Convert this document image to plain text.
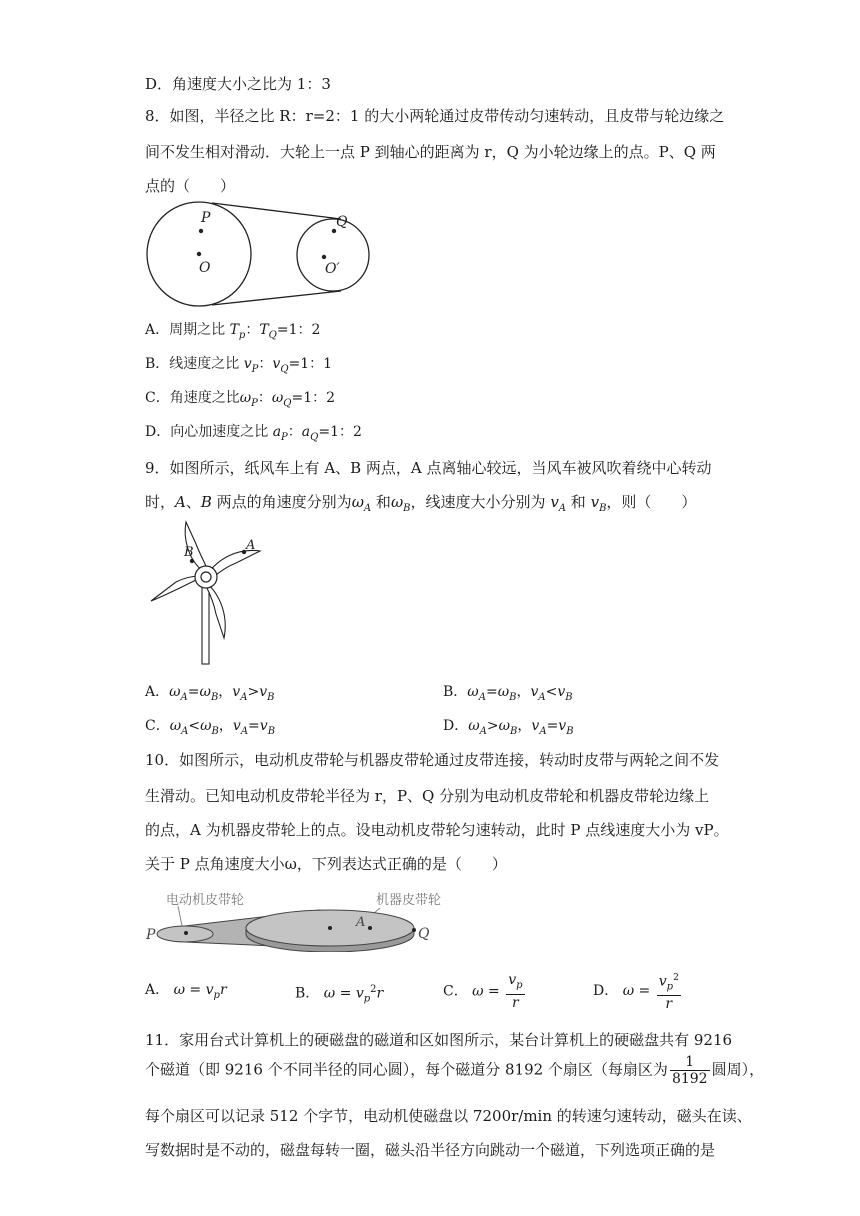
D．角速度大小之比为 1：3
8．如图，半径之比 R：r=2：1 的大小两轮通过皮带传动匀速转动，且皮带与轮边缘之
间不发生相对滑动．大轮上一点 P 到轴心的距离为 r，Q 为小轮边缘上的点。P、Q 两
点的（　　）
P
O
Q
O′
A．周期之比 $T_p$：$T_Q=1$：2
B．线速度之比 $v_P$：$v_Q=1$：1
C．角速度之比$\omega_P$：$\omega_Q=1$：2
D．向心加速度之比 $a_P$：$a_Q=1$：2
9．如图所示，纸风车上有 A、B 两点，A 点离轴心较远，当风车被风吹着绕中心转动
时，A、B 两点的角速度分别为$\omega_A$ 和$\omega_B$，线速度大小分别为 $v_A$ 和 $v_B$，则（　　）
A
B
A．$\omega_A=\omega_B$，$v_A>v_B$	B．$\omega_A=\omega_B$，$v_A<v_B$
C．$\omega_A<\omega_B$，$v_A=v_B$	D．$\omega_A>\omega_B$，$v_A=v_B$
10．如图所示，电动机皮带轮与机器皮带轮通过皮带连接，转动时皮带与两轮之间不发
生滑动。已知电动机皮带轮半径为 r，P、Q 分别为电动机皮带轮和机器皮带轮边缘上
的点，A 为机器皮带轮上的点。设电动机皮带轮匀速转动，此时 P 点线速度大小为 vP。
关于 P 点角速度大小ω，下列表达式正确的是（　　）
电动机皮带轮	机器皮带轮
P
A
Q
A． $\omega = v_pr$	B． $\omega = v_p^2r$	C． $\omega = \frac{v_p}{r}$	D． $\omega = \frac{v_p^2}{r}$
11．家用台式计算机上的硬磁盘的磁道和区如图所示，某台计算机上的硬磁盘共有 9216
个磁道（即 9216 个不同半径的同心圆），每个磁道分 8192 个扇区（每扇区为 $\frac{1}{8192}$ 圆周），
每个扇区可以记录 512 个字节，电动机使磁盘以 7200r/min 的转速匀速转动，磁头在读、
写数据时是不动的，磁盘每转一圈，磁头沿半径方向跳动一个磁道，下列选项正确的是
